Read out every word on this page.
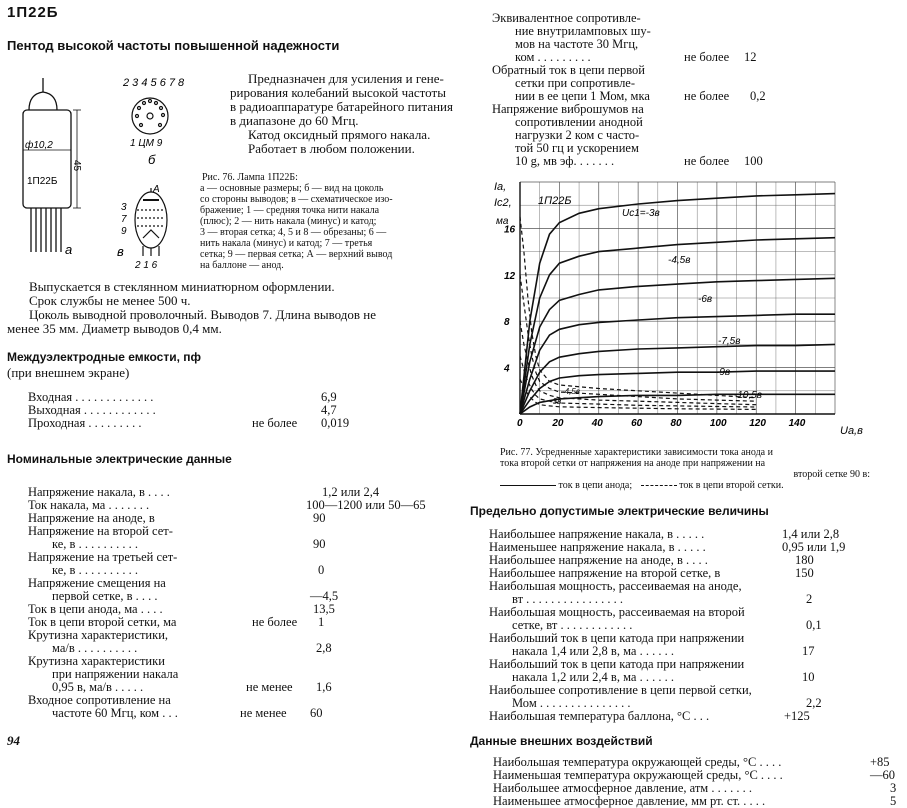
1П22Б
Пентод высокой частоты повышенной надежности
ф10,2
45
1П22Б
а
2 3 4 5 6 7 8
1 ЦМ 9
б
А
3
7
9
2 1 6
в
Предназначен для усиления и гене-
рирования колебаний высокой частоты
в радиоаппаратуре батарейного питания
в диапазоне до 60 Мгц.
Катод оксидный прямого накала.
Работает в любом положении.
Рис. 76. Лампа 1П22Б:
а — основные размеры; б — вид на цоколь
со стороны выводов; в — схематическое изо-
бражение; 1 — средняя точка нити накала
(плюс); 2 — нить накала (минус) и катод;
3 — вторая сетка; 4, 5 и 8 — обрезаны; 6 —
нить накала (минус) и катод; 7 — третья
сетка; 9 — первая сетка; А — верхний вывод
на баллоне — анод.
Выпускается в стеклянном миниатюрном оформлении.
Срок службы не менее 500 ч.
Цоколь выводной проволочный. Выводов 7. Длина выводов не
менее 35 мм. Диаметр выводов 0,4 мм.
Междуэлектродные емкости, пф
(при внешнем экране)
Входная . . . . . . . . . . . . .	6,9
Выходная . . . . . . . . . . . .	4,7
Проходная . . . . . . . . .	не более 0,019
Номинальные электрические данные
Напряжение накала, в . . . .	1,2 или 2,4
Ток накала, ма . . . . . . .	100—1200 или 50—65
Напряжение на аноде, в	90
Напряжение на второй сет-
ке, в . . . . . . . . . .	90
Напряжение на третьей сет-
ке, в . . . . . . . . . .	0
Напряжение смещения на
первой сетке, в . . . .	—4,5
Ток в цепи анода, ма . . . .	13,5
Ток в цепи второй сетки, ма	не более 1
Крутизна характеристики,
ма/в . . . . . . . . . .	2,8
Крутизна характеристики
при напряжении накала
0,95 в, ма/в . . . . .	не менее 1,6
Входное сопротивление на
частоте 60 Мгц, ком . . .	не менее 60
94
Эквивалентное сопротивле-
ние внутриламповых шу-
мов на частоте 30 Мгц,
ком . . . . . . . . .	не более 12
Обратный ток в цепи первой
сетки при сопротивле-
нии в ее цепи 1 Мом, мка	не более 0,2
Напряжение виброшумов на
сопротивлении анодной
нагрузки 2 ком с часто-
той 50 гц и ускорением
10 g, мв эф. . . . . . .	не более 100
0	20	40	60	80	100 120 140
4
8
12
16
Ia,
Ic2,
ма
1П22Б
Ua,в
Uc1=-3в
-4,5в
-6в
-7,5в
-9в
-10,5в
-4,5в
-3в
Рис. 77. Усредненные характеристики зависимости тока анода и
тока второй сетки от напряжения на аноде при напряжении на
второй сетке 90 в:
ток в цепи анода;	ток в цепи второй сетки.
Предельно допустимые электрические величины
Наибольшее напряжение накала, в . . . . .	1,4 или 2,8
Наименьшее напряжение накала, в . . . . .	0,95 или 1,9
Наибольшее напряжение на аноде, в . . . .	180
Наибольшее напряжение на второй сетке, в	150
Наибольшая мощность, рассеиваемая на аноде,
вт . . . . . . . . . . . . . . . .	2
Наибольшая мощность, рассеиваемая на второй
сетке, вт . . . . . . . . . . . .	0,1
Наибольший ток в цепи катода при напряжении
накала 1,4 или 2,8 в, ма . . . . . .	17
Наибольший ток в цепи катода при напряжении
накала 1,2 или 2,4 в, ма . . . . . .	10
Наибольшее сопротивление в цепи первой сетки,
Мом . . . . . . . . . . . . . . .	2,2
Наибольшая температура баллона, °С . . .	+125
Данные внешних воздействий
Наибольшая температура окружающей среды, °С . . . .	+85
Наименьшая температура окружающей среды, °С . . . .	—60
Наибольшее атмосферное давление, атм . . . . . . .	3
Наименьшее атмосферное давление, мм рт. ст. . . . .	5
